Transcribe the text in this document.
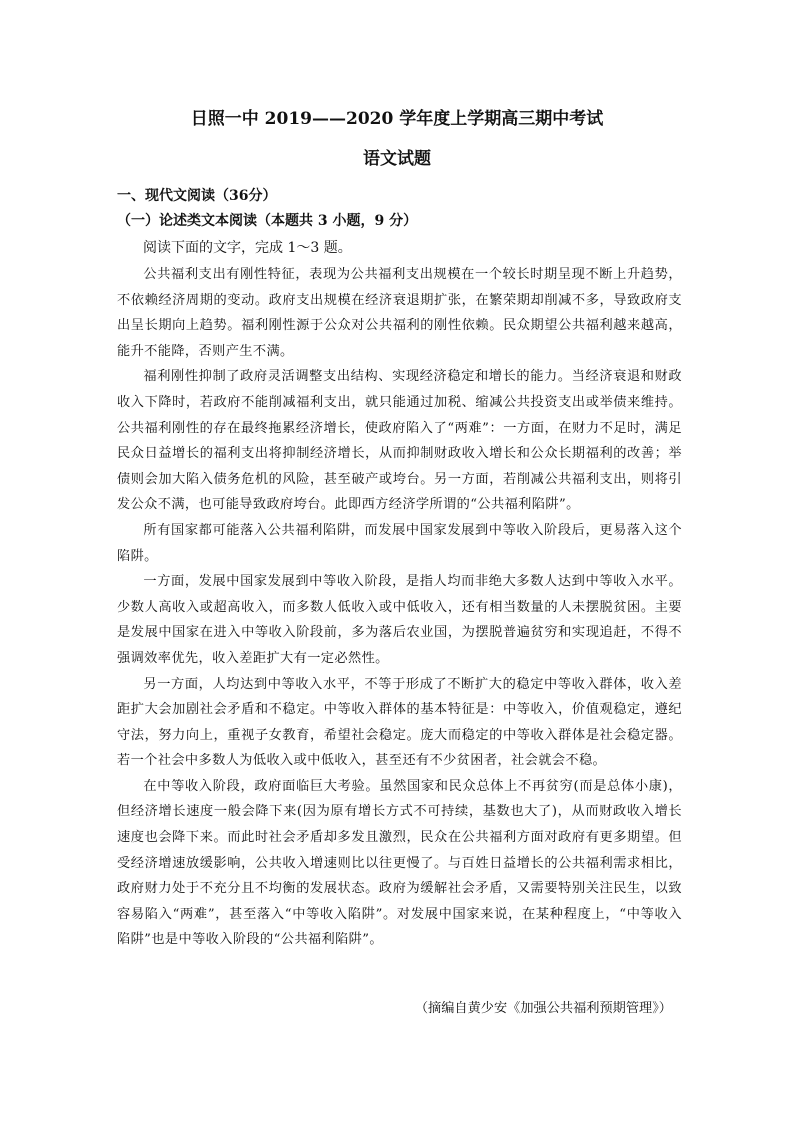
日照一中 2019——2020 学年度上学期高三期中考试
语文试题
一、现代文阅读（36分）
（一）论述类文本阅读（本题共 3 小题，9 分）
阅读下面的文字，完成 1～3 题。

公共福利支出有刚性特征，表现为公共福利支出规模在一个较长时期呈现不断上升趋势，不依赖经济周期的变动。政府支出规模在经济衰退期扩张，在繁荣期却削减不多，导致政府支出呈长期向上趋势。福利刚性源于公众对公共福利的刚性依赖。民众期望公共福利越来越高，能升不能降，否则产生不满。

福利刚性抑制了政府灵活调整支出结构、实现经济稳定和增长的能力。当经济衰退和财政收入下降时，若政府不能削减福利支出，就只能通过加税、缩减公共投资支出或举债来维持。公共福利刚性的存在最终拖累经济增长，使政府陷入了“两难”：一方面，在财力不足时，满足民众日益增长的福利支出将抑制经济增长，从而抑制财政收入增长和公众长期福利的改善；举债则会加大陷入债务危机的风险，甚至破产或垮台。另一方面，若削减公共福利支出，则将引发公众不满，也可能导致政府垮台。此即西方经济学所谓的“公共福利陷阱”。

所有国家都可能落入公共福利陷阱，而发展中国家发展到中等收入阶段后，更易落入这个陷阱。

一方面，发展中国家发展到中等收入阶段，是指人均而非绝大多数人达到中等收入水平。少数人高收入或超高收入，而多数人低收入或中低收入，还有相当数量的人未摆脱贫困。主要是发展中国家在进入中等收入阶段前，多为落后农业国，为摆脱普遍贫穷和实现追赶，不得不强调效率优先，收入差距扩大有一定必然性。

另一方面，人均达到中等收入水平，不等于形成了不断扩大的稳定中等收入群体，收入差距扩大会加剧社会矛盾和不稳定。中等收入群体的基本特征是：中等收入，价值观稳定，遵纪守法，努力向上，重视子女教育，希望社会稳定。庞大而稳定的中等收入群体是社会稳定器。若一个社会中多数人为低收入或中低收入，甚至还有不少贫困者，社会就会不稳。

在中等收入阶段，政府面临巨大考验。虽然国家和民众总体上不再贫穷(而是总体小康)，但经济增长速度一般会降下来(因为原有增长方式不可持续，基数也大了)，从而财政收入增长速度也会降下来。而此时社会矛盾却多发且激烈，民众在公共福利方面对政府有更多期望。但受经济增速放缓影响，公共收入增速则比以往更慢了。与百姓日益增长的公共福利需求相比，政府财力处于不充分且不均衡的发展状态。政府为缓解社会矛盾，又需要特别关注民生，以致容易陷入“两难”，甚至落入“中等收入陷阱”。对发展中国家来说，在某种程度上，“中等收入陷阱”也是中等收入阶段的“公共福利陷阱”。

（摘编自黄少安《加强公共福利预期管理》）
